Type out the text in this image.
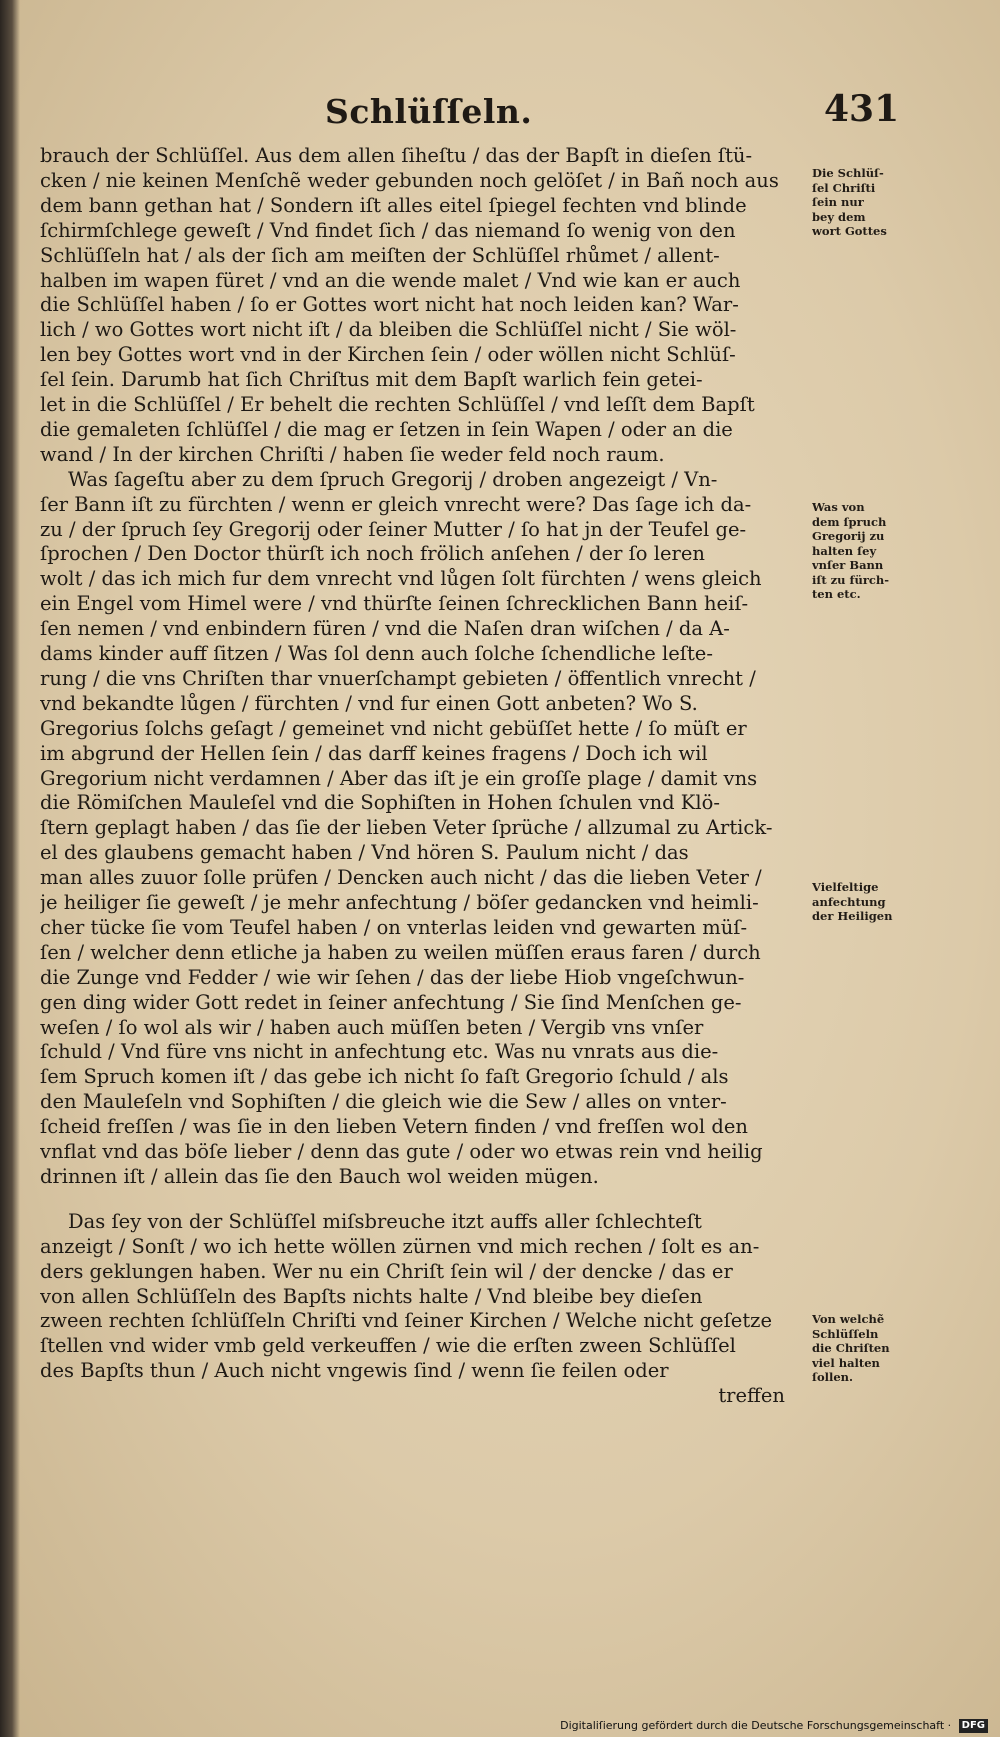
Schlüſſeln.	431
brauch der Schlüſſel. Aus dem allen ſiheſtu / das der Bapſt in dieſen ſtü-
cken / nie keinen Menſchẽ weder gebunden noch gelöſet / in Bañ noch aus
dem bann gethan hat / Sondern iſt alles eitel ſpiegel fechten vnd blinde
ſchirmſchlege geweſt / Vnd findet ſich / das niemand ſo wenig von den
Schlüſſeln hat / als der ſich am meiſten der Schlüſſel rhůmet / allent-
halben im wapen füret / vnd an die wende malet / Vnd wie kan er auch
die Schlüſſel haben / ſo er Gottes wort nicht hat noch leiden kan? War-
lich / wo Gottes wort nicht iſt / da bleiben die Schlüſſel nicht / Sie wöl-
len bey Gottes wort vnd in der Kirchen ſein / oder wöllen nicht Schlüſ-
ſel ſein. Darumb hat ſich Chriſtus mit dem Bapſt warlich fein getei-
let in die Schlüſſel / Er behelt die rechten Schlüſſel / vnd leſſt dem Bapſt
die gemaleten ſchlüſſel / die mag er ſetzen in ſein Wapen / oder an die
wand / In der kirchen Chriſti / haben ſie weder feld noch raum.
Was ſageſtu aber zu dem ſpruch Gregorij / droben angezeigt / Vn-
ſer Bann iſt zu fürchten / wenn er gleich vnrecht were? Das ſage ich da-
zu / der ſpruch ſey Gregorij oder ſeiner Mutter / ſo hat jn der Teufel ge-
ſprochen / Den Doctor thürſt ich noch frölich anſehen / der ſo leren
wolt / das ich mich fur dem vnrecht vnd lůgen ſolt fürchten / wens gleich
ein Engel vom Himel were / vnd thürſte ſeinen ſchrecklichen Bann heiſ-
ſen nemen / vnd enbindern füren / vnd die Naſen dran wiſchen / da A-
dams kinder auff ſitzen / Was ſol denn auch ſolche ſchendliche leſte-
rung / die vns Chriſten thar vnuerſchampt gebieten / öffentlich vnrecht /
vnd bekandte lůgen / fürchten / vnd fur einen Gott anbeten? Wo S.
Gregorius ſolchs geſagt / gemeinet vnd nicht gebüſſet hette / ſo müſt er
im abgrund der Hellen ſein / das darff keines fragens / Doch ich wil
Gregorium nicht verdamnen / Aber das iſt je ein groſſe plage / damit vns
die Römiſchen Mauleſel vnd die Sophiſten in Hohen ſchulen vnd Klö-
ſtern geplagt haben / das ſie der lieben Veter ſprüche / allzumal zu Artick-
el des glaubens gemacht haben / Vnd hören S. Paulum nicht / das
man alles zuuor ſolle prüfen / Dencken auch nicht / das die lieben Veter /
je heiliger ſie geweſt / je mehr anfechtung / böſer gedancken vnd heimli-
cher tücke ſie vom Teufel haben / on vnterlas leiden vnd gewarten müſ-
ſen / welcher denn etliche ja haben zu weilen müſſen eraus faren / durch
die Zunge vnd Fedder / wie wir ſehen / das der liebe Hiob vngeſchwun-
gen ding wider Gott redet in ſeiner anfechtung / Sie ſind Menſchen ge-
weſen / ſo wol als wir / haben auch müſſen beten / Vergib vns vnſer
ſchuld / Vnd füre vns nicht in anfechtung etc. Was nu vnrats aus die-
ſem Spruch komen iſt / das gebe ich nicht ſo faſt Gregorio ſchuld / als
den Mauleſeln vnd Sophiſten / die gleich wie die Sew / alles on vnter-
ſcheid freſſen / was ſie in den lieben Vetern finden / vnd freſſen wol den
vnflat vnd das böſe lieber / denn das gute / oder wo etwas rein vnd heilig
drinnen iſt / allein das ſie den Bauch wol weiden mügen.
Das ſey von der Schlüſſel miſsbreuche itzt auffs aller ſchlechteſt
anzeigt / Sonſt / wo ich hette wöllen zürnen vnd mich rechen / ſolt es an-
ders geklungen haben. Wer nu ein Chriſt ſein wil / der dencke / das er
von allen Schlüſſeln des Bapſts nichts halte / Vnd bleibe bey dieſen
zween rechten ſchlüſſeln Chriſti vnd ſeiner Kirchen / Welche nicht geſetze
ſtellen vnd wider vmb geld verkeuffen / wie die erſten zween Schlüſſel
des Bapſts thun / Auch nicht vngewis ſind / wenn ſie feilen oder
treffen
Die Schlüſ-
ſel Chriſti
ſein nur
bey dem
wort Gottes
Was von
dem ſpruch
Gregorij zu
halten ſey
vnſer Bann
iſt zu fürch-
ten etc.
Vielfeltige
anfechtung
der Heiligen
Von welchẽ
Schlüſſeln
die Chriſten
viel halten
ſollen.
Digitaliſierung gefördert durch die Deutsche Forschungsgemeinschaft · DFG
